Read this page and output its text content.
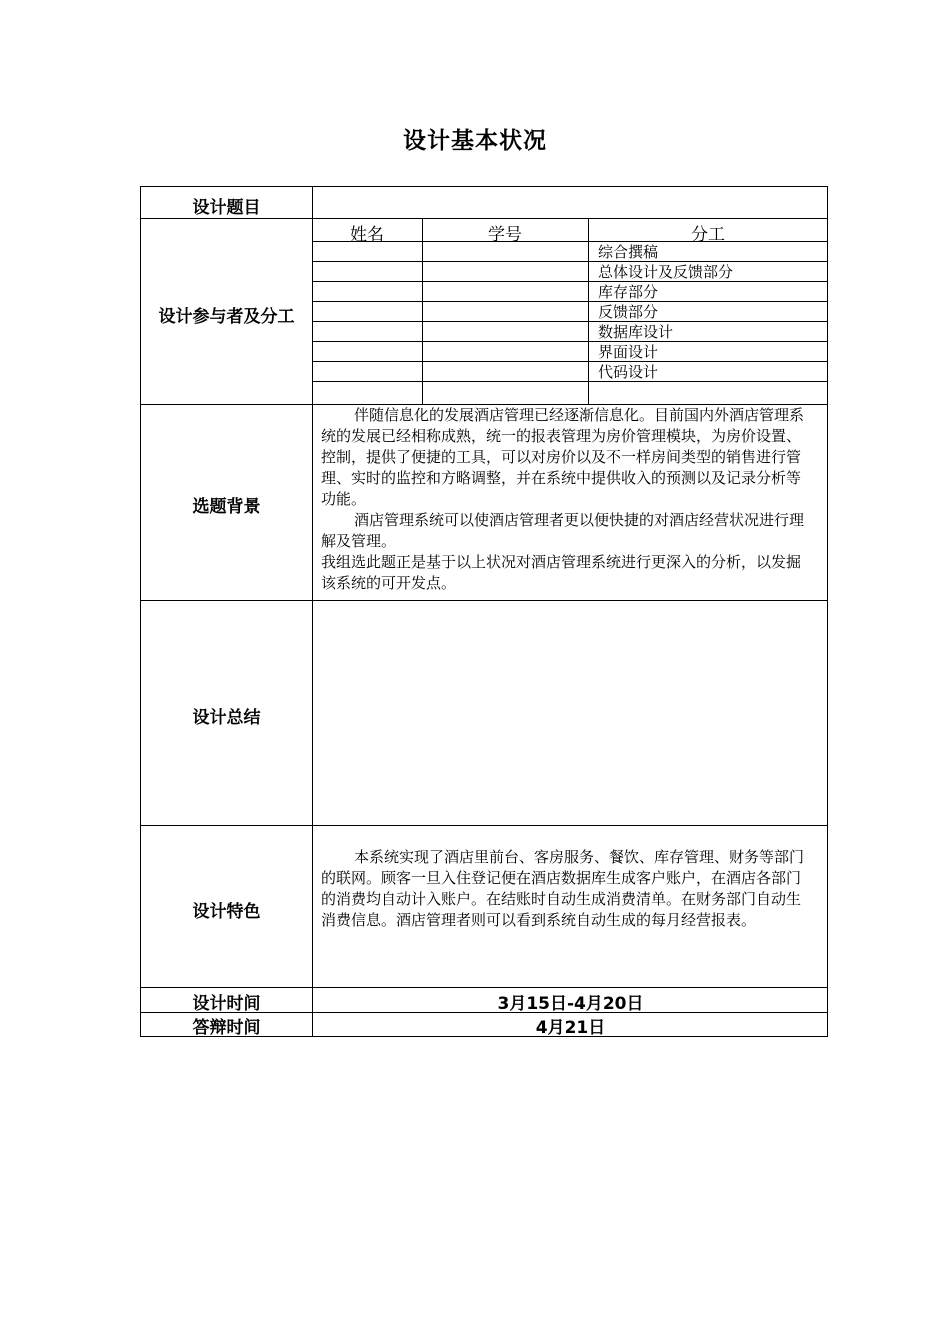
设计基本状况
设计题目
设计参与者及分工
选题背景
设计总结
设计特色
设计时间
答辩时间
姓名	学号	分工
综合撰稿
总体设计及反馈部分
库存部分
反馈部分
数据库设计
界面设计
代码设计

伴随信息化的发展酒店管理已经逐渐信息化。目前国内外酒店管理系统的发展已经相称成熟，统一的报表管理为房价管理模块，为房价设置、控制，提供了便捷的工具，可以对房价以及不一样房间类型的销售进行管理、实时的监控和方略调整，并在系统中提供收入的预测以及记录分析等功能。

酒店管理系统可以使酒店管理者更以便快捷的对酒店经营状况进行理解及管理。

我组选此题正是基于以上状况对酒店管理系统进行更深入的分析，以发掘该系统的可开发点。

本系统实现了酒店里前台、客房服务、餐饮、库存管理、财务等部门的联网。顾客一旦入住登记便在酒店数据库生成客户账户，在酒店各部门的消费均自动计入账户。在结账时自动生成消费清单。在财务部门自动生消费信息。酒店管理者则可以看到系统自动生成的每月经营报表。

3月15日-4月20日
4月21日
